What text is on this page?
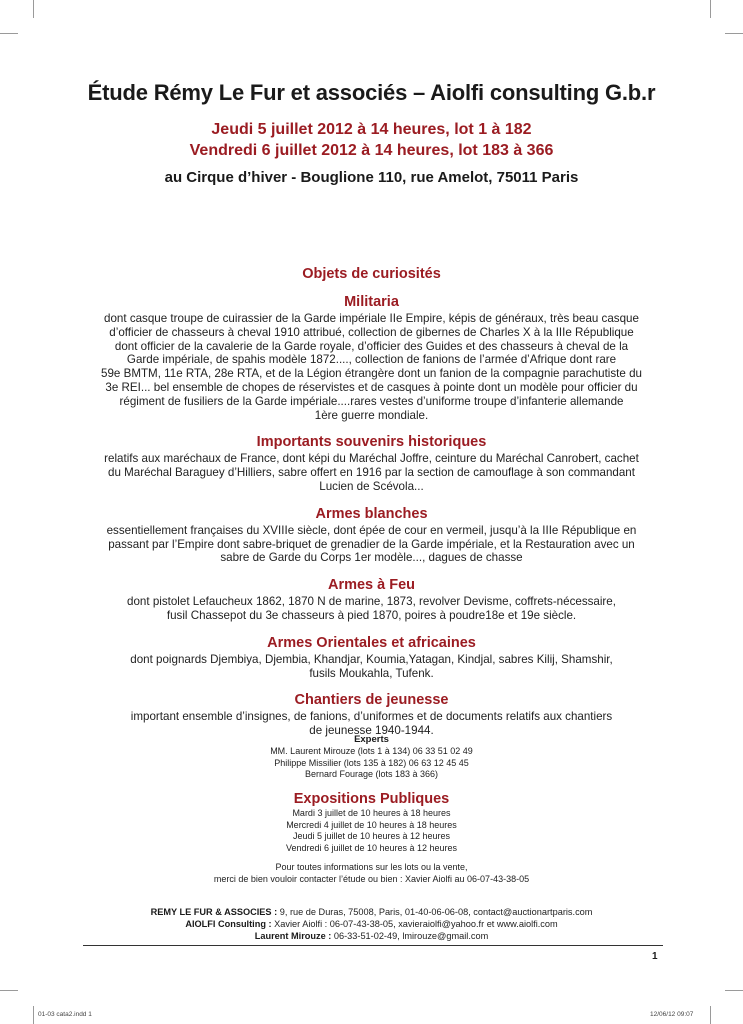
Étude Rémy Le Fur et associés – Aiolfi consulting G.b.r
Jeudi 5 juillet 2012 à 14 heures, lot 1 à 182
Vendredi 6 juillet 2012 à 14 heures, lot 183 à 366
au Cirque d’hiver - Bouglione 110, rue Amelot, 75011 Paris

Objets de curiosités

Militaria

dont casque troupe de cuirassier de la Garde impériale IIe Empire, képis de généraux, très beau casque
d’officier de chasseurs à cheval 1910 attribué, collection de gibernes de Charles X à la IIIe République
dont officier de la cavalerie de la Garde royale, d’officier des Guides et des chasseurs à cheval de la
Garde impériale, de spahis modèle 1872...., collection de fanions de l’armée d’Afrique dont rare
59e BMTM, 11e RTA, 28e RTA, et de la Légion étrangère dont un fanion de la compagnie parachutiste du
3e REI... bel ensemble de chopes de réservistes et de casques à pointe dont un modèle pour officier du
régiment de fusiliers de la Garde impériale....rares vestes d’uniforme troupe d’infanterie allemande
1ère guerre mondiale.

Importants souvenirs historiques

relatifs aux maréchaux de France, dont képi du Maréchal Joffre, ceinture du Maréchal Canrobert, cachet
du Maréchal Baraguey d’Hilliers, sabre offert en 1916 par la section de camouflage à son commandant
Lucien de Scévola...

Armes blanches

essentiellement françaises du XVIIIe siècle, dont épée de cour en vermeil, jusqu’à la IIIe République en
passant par l’Empire dont sabre-briquet de grenadier de la Garde impériale, et la Restauration avec un
sabre de Garde du Corps 1er modèle..., dagues de chasse

Armes à Feu

dont pistolet Lefaucheux 1862, 1870 N de marine, 1873, revolver Devisme, coffrets-nécessaire,
fusil Chassepot du 3e chasseurs à pied 1870, poires à poudre18e et 19e siècle.

Armes Orientales et africaines

dont poignards Djembiya, Djembia, Khandjar, Koumia,Yatagan, Kindjal, sabres Kilij, Shamshir,
fusils Moukahla, Tufenk.

Chantiers de jeunesse

important ensemble d’insignes, de fanions, d’uniformes et de documents relatifs aux chantiers
de jeunesse 1940-1944.

Experts
MM. Laurent Mirouze (lots 1 à 134) 06 33 51 02 49
Philippe Missilier (lots 135 à 182) 06 63 12 45 45
Bernard Fourage (lots 183 à 366)

Expositions Publiques

Mardi 3 juillet de 10 heures à 18 heures
Mercredi 4 juillet de 10 heures à 18 heures
Jeudi 5 juillet de 10 heures à 12 heures
Vendredi 6 juillet de 10 heures à 12 heures
Pour toutes informations sur les lots ou la vente,
merci de bien vouloir contacter l’étude ou bien : Xavier Aiolfi au 06-07-43-38-05
REMY LE FUR & ASSOCIES : 9, rue de Duras, 75008, Paris, 01-40-06-06-08, contact@auctionartparis.com
AIOLFI Consulting : Xavier Aiolfi : 06-07-43-38-05, xavieraiolfi@yahoo.fr et www.aiolfi.com
Laurent Mirouze : 06-33-51-02-49, lmirouze@gmail.com
1
01-03 cata2.indd 1	12/06/12 09:07
